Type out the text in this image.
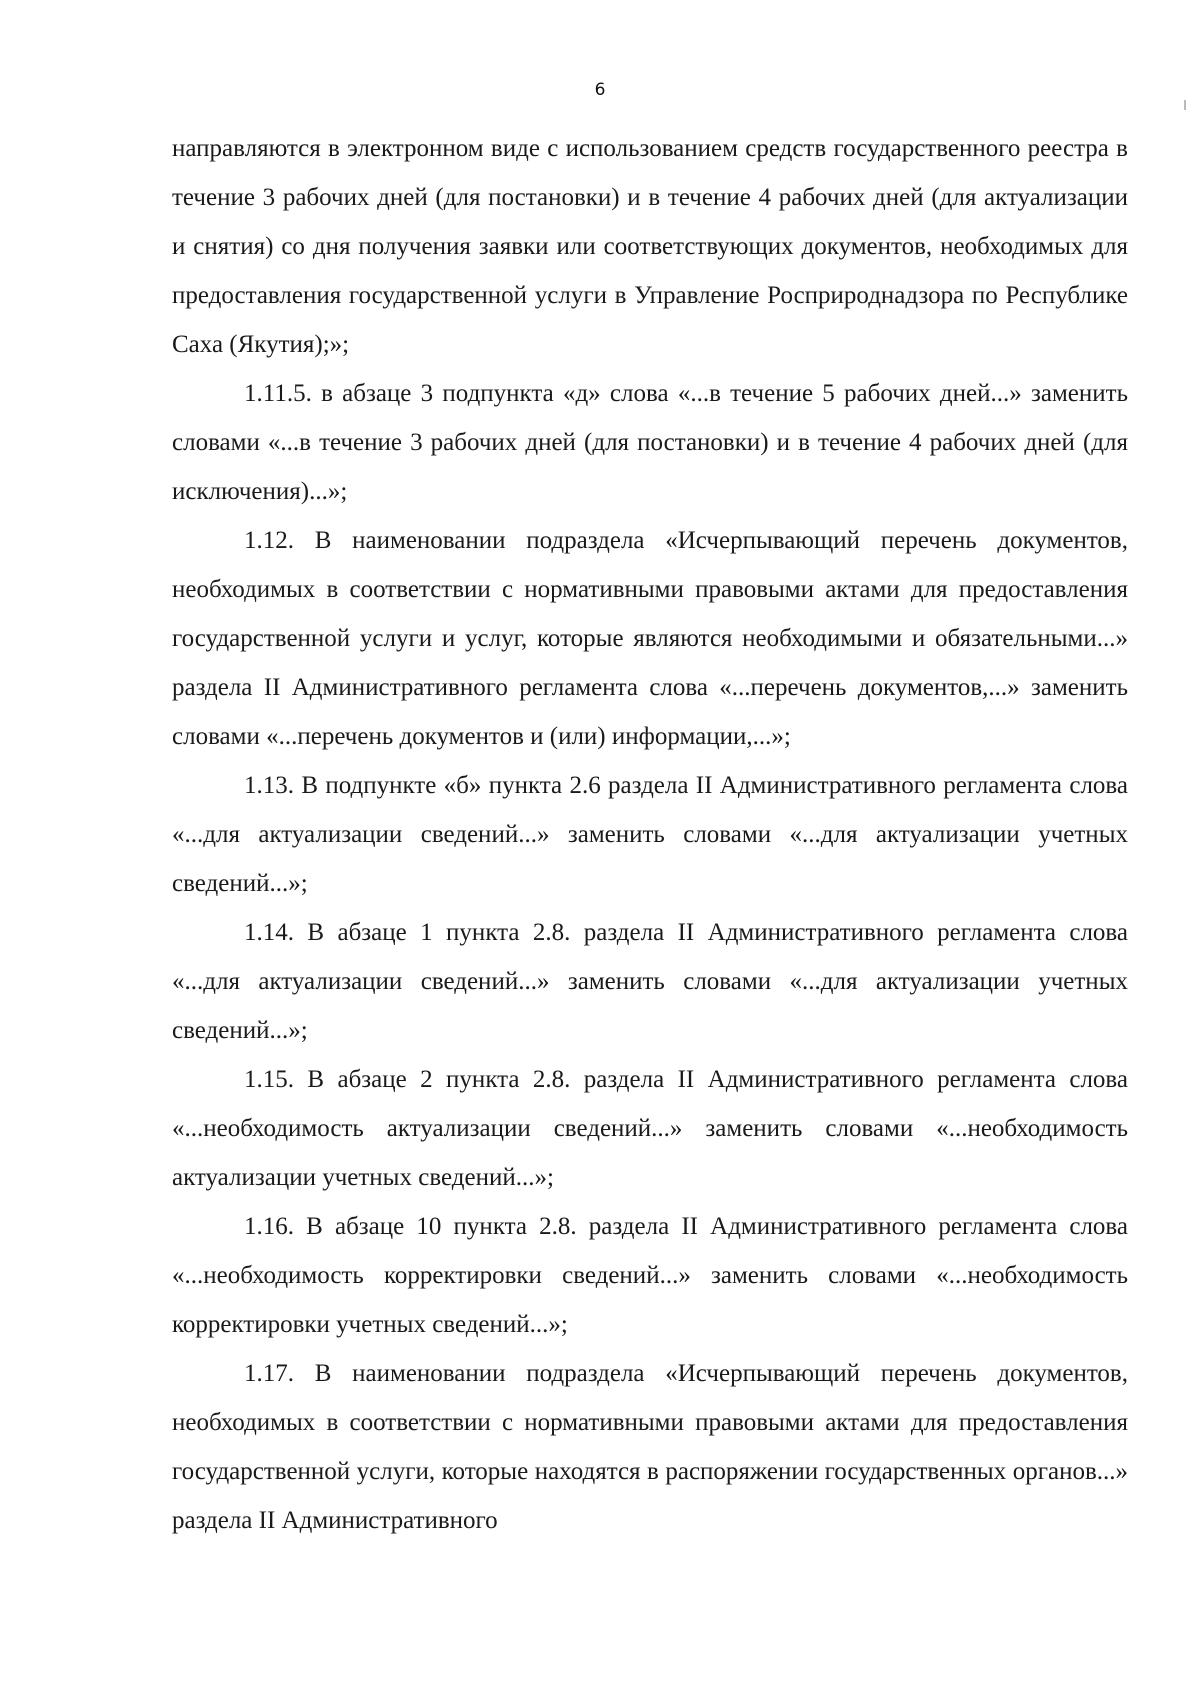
6

направляются в электронном виде с использованием средств государственного реестра в течение 3 рабочих дней (для постановки) и в течение 4 рабочих дней (для актуализации и снятия) со дня получения заявки или соответствующих документов, необходимых для предоставления государственной услуги в Управление Росприроднадзора по Республике Саха (Якутия);»;

1.11.5. в абзаце 3 подпункта «д» слова «...в течение 5 рабочих дней...» заменить словами «...в течение 3 рабочих дней (для постановки) и в течение 4 рабочих дней (для исключения)...»;

1.12. В наименовании подраздела «Исчерпывающий перечень документов, необходимых в соответствии с нормативными правовыми актами для предоставления государственной услуги и услуг, которые являются необходимыми и обязательными...» раздела II Административного регламента слова «...перечень документов,...» заменить словами «...перечень документов и (или) информации,...»;

1.13. В подпункте «б» пункта 2.6 раздела II Административного регламента слова «...для актуализации сведений...» заменить словами «...для актуализации учетных сведений...»;

1.14. В абзаце 1 пункта 2.8. раздела II Административного регламента слова «...для актуализации сведений...» заменить словами «...для актуализации учетных сведений...»;

1.15. В абзаце 2 пункта 2.8. раздела II Административного регламента слова «...необходимость актуализации сведений...» заменить словами «...необходимость актуализации учетных сведений...»;

1.16. В абзаце 10 пункта 2.8. раздела II Административного регламента слова «...необходимость корректировки сведений...» заменить словами «...необходимость корректировки учетных сведений...»;

1.17. В наименовании подраздела «Исчерпывающий перечень документов, необходимых в соответствии с нормативными правовыми актами для предоставления государственной услуги, которые находятся в распоряжении государственных органов...» раздела II Административного
